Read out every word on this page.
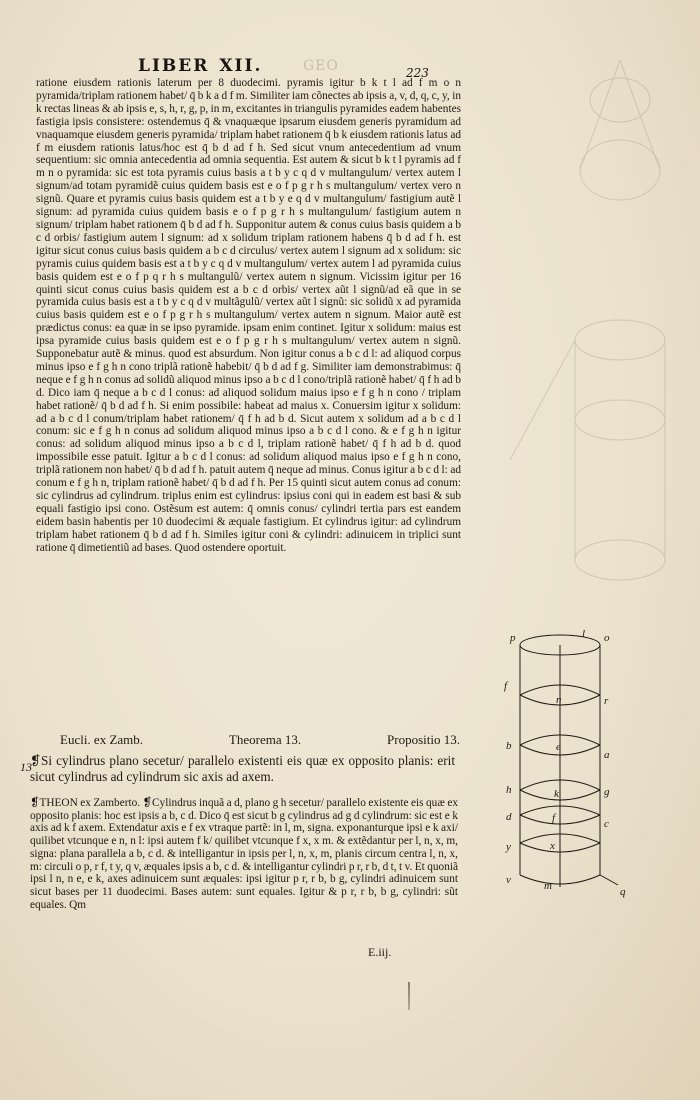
LIBER XII.	GEO	223

ratione eiusdem rationis laterum per 8 duodecimi. pyramis igitur b k t l ad f m o n pyramida/triplam rationem habet/ q̄ b k a d f m. Similiter iam cõnectes ab ipsis a, v, d, q, c, y, in k rectas lineas & ab ipsis e, s, h, r, g, p, in m, excitantes in triangulis pyramides eadem habentes fastigia ipsis consistere: ostendemus q̄ & vnaquæque ipsarum eiusdem generis pyramidum ad vnaquamque eiusdem generis pyramida/ triplam habet rationem q̄ b k eiusdem rationis latus ad f m eiusdem rationis latus/hoc est q̄ b d ad f h. Sed sicut vnum antecedentium ad vnum sequentium: sic omnia antecedentia ad omnia sequentia. Est autem & sicut b k t l pyramis ad f m n o pyramida: sic est tota pyramis cuius basis a t b y c q d v multangulum/ vertex autem l signum/ad totam pyramidẽ cuius quidem basis est e o f p g r h s multangulum/ vertex vero n signũ. Quare et pyramis cuius basis quidem est a t b y e q d v multangulum/ fastigium autẽ l signum: ad pyramida cuius quidem basis e o f p g r h s multangulum/ fastigium autem n signum/ triplam habet rationem q̄ b d ad f h. Supponitur autem & conus cuius basis quidem a b c d orbis/ fastigium autem l signum: ad x solidum triplam rationem habens q̄ b d ad f h. est igitur sicut conus cuius basis quidem a b c d circulus/ vertex autem l signum ad x solidum: sic pyramis cuius quidem basis est a t b y c q d v multangulum/ vertex autem l ad pyramida cuius basis quidem est e o f p q r h s multangulũ/ vertex autem n signum. Vicissim igitur per 16 quinti sicut conus cuius basis quidem est a b c d orbis/ vertex aũt l signũ/ad eã que in se pyramida cuius basis est a t b y c q d v multãgulũ/ vertex aũt l signũ: sic solidũ x ad pyramida cuius basis quidem est e o f p g r h s multangulum/ vertex autem n signum. Maior autẽ est prædictus conus: ea quæ in se ipso pyramide. ipsam enim continet. Igitur x solidum: maius est ipsa pyramide cuius basis quidem est e o f p g r h s multangulum/ vertex autem n signũ. Supponebatur autẽ & minus. quod est absurdum. Non igitur conus a b c d l: ad aliquod corpus minus ipso e f g h n cono triplã rationẽ habebit/ q̄ b d ad f g. Similiter iam demonstrabimus: q̄ neque e f g h n conus ad solidũ aliquod minus ipso a b c d l cono/triplã rationẽ habet/ q̄ f h ad b d. Dico iam q̄ neque a b c d l conus: ad aliquod solidum maius ipso e f g h n cono / triplam habet rationẽ/ q̄ b d ad f h. Si enim possibile: habeat ad maius x. Conuersim igitur x solidum: ad a b c d l conum/triplam habet rationem/ q̄ f h ad b d. Sicut autem x solidum ad a b c d l conum: sic e f g h n conus ad solidum aliquod minus ipso a b c d l cono. & e f g h n igitur conus: ad solidum aliquod minus ipso a b c d l, triplam rationẽ habet/ q̄ f h ad b d. quod impossibile esse patuit. Igitur a b c d l conus: ad solidum aliquod maius ipso e f g h n cono, triplã rationem non habet/ q̄ b d ad f h. patuit autem q̄ neque ad minus. Conus igitur a b c d l: ad conum e f g h n, triplam rationẽ habet/ q̄ b d ad f h. Per 15 quinti sicut autem conus ad conum: sic cylindrus ad cylindrum. triplus enim est cylindrus: ipsius coni qui in eadem est basi & sub equali fastigio ipsi cono. Ostẽsum est autem: q̄ omnis conus/ cylindri tertia pars est eandem eidem basin habentis per 10 duodecimi & æquale fastigium. Et cylindrus igitur: ad cylindrum triplam habet rationem q̄ b d ad f h. Similes igitur coni & cylindri: adinuicem in triplici sunt ratione q̄ dimetientiũ ad bases. Quod ostendere oportuit.

Eucli. ex Zamb.	Theorema 13.	Propositio 13.
13
❡Si cylindrus plano secetur/ parallelo existenti eis quæ ex opposito planis: erit sicut cylindrus ad cylindrum sic axis ad axem.
❡THEON ex Zamberto. ❡Cylindrus inquã a d, plano g h secetur/ parallelo existente eis quæ ex opposito planis: hoc est ipsis a b, c d. Dico q̄ est sicut b g cylindrus ad g d cylindrum: sic est e k axis ad k f axem. Extendatur axis e f ex vtraque partẽ: in l, m, signa. exponanturque ipsi e k axi/ quilibet vtcunque e n, n l: ipsi autem f k/ quilibet vtcunque f x, x m. & extẽdantur per l, n, x, m, signa: plana parallela a b, c d. & intelligantur in ipsis per l, n, x, m, planis circum centra l, n, x, m: circuli o p, r f, t y, q v, æquales ipsis a b, c d. & intelligantur cylindri p r, r b, d t, t v. Et quoniã ipsi l n, n e, e k, axes adinuicem sunt æquales: ipsi igitur p r, r b, b g, cylindri adinuicem sunt sicut bases per 11 duodecimi. Bases autem: sunt equales. Igitur & p r, r b, b g, cylindri: sũt equales. Qm
E.iij.
p	l o
f
n	r
a
b	e
h	k	g
d	f	c
x
y
v	m	q
